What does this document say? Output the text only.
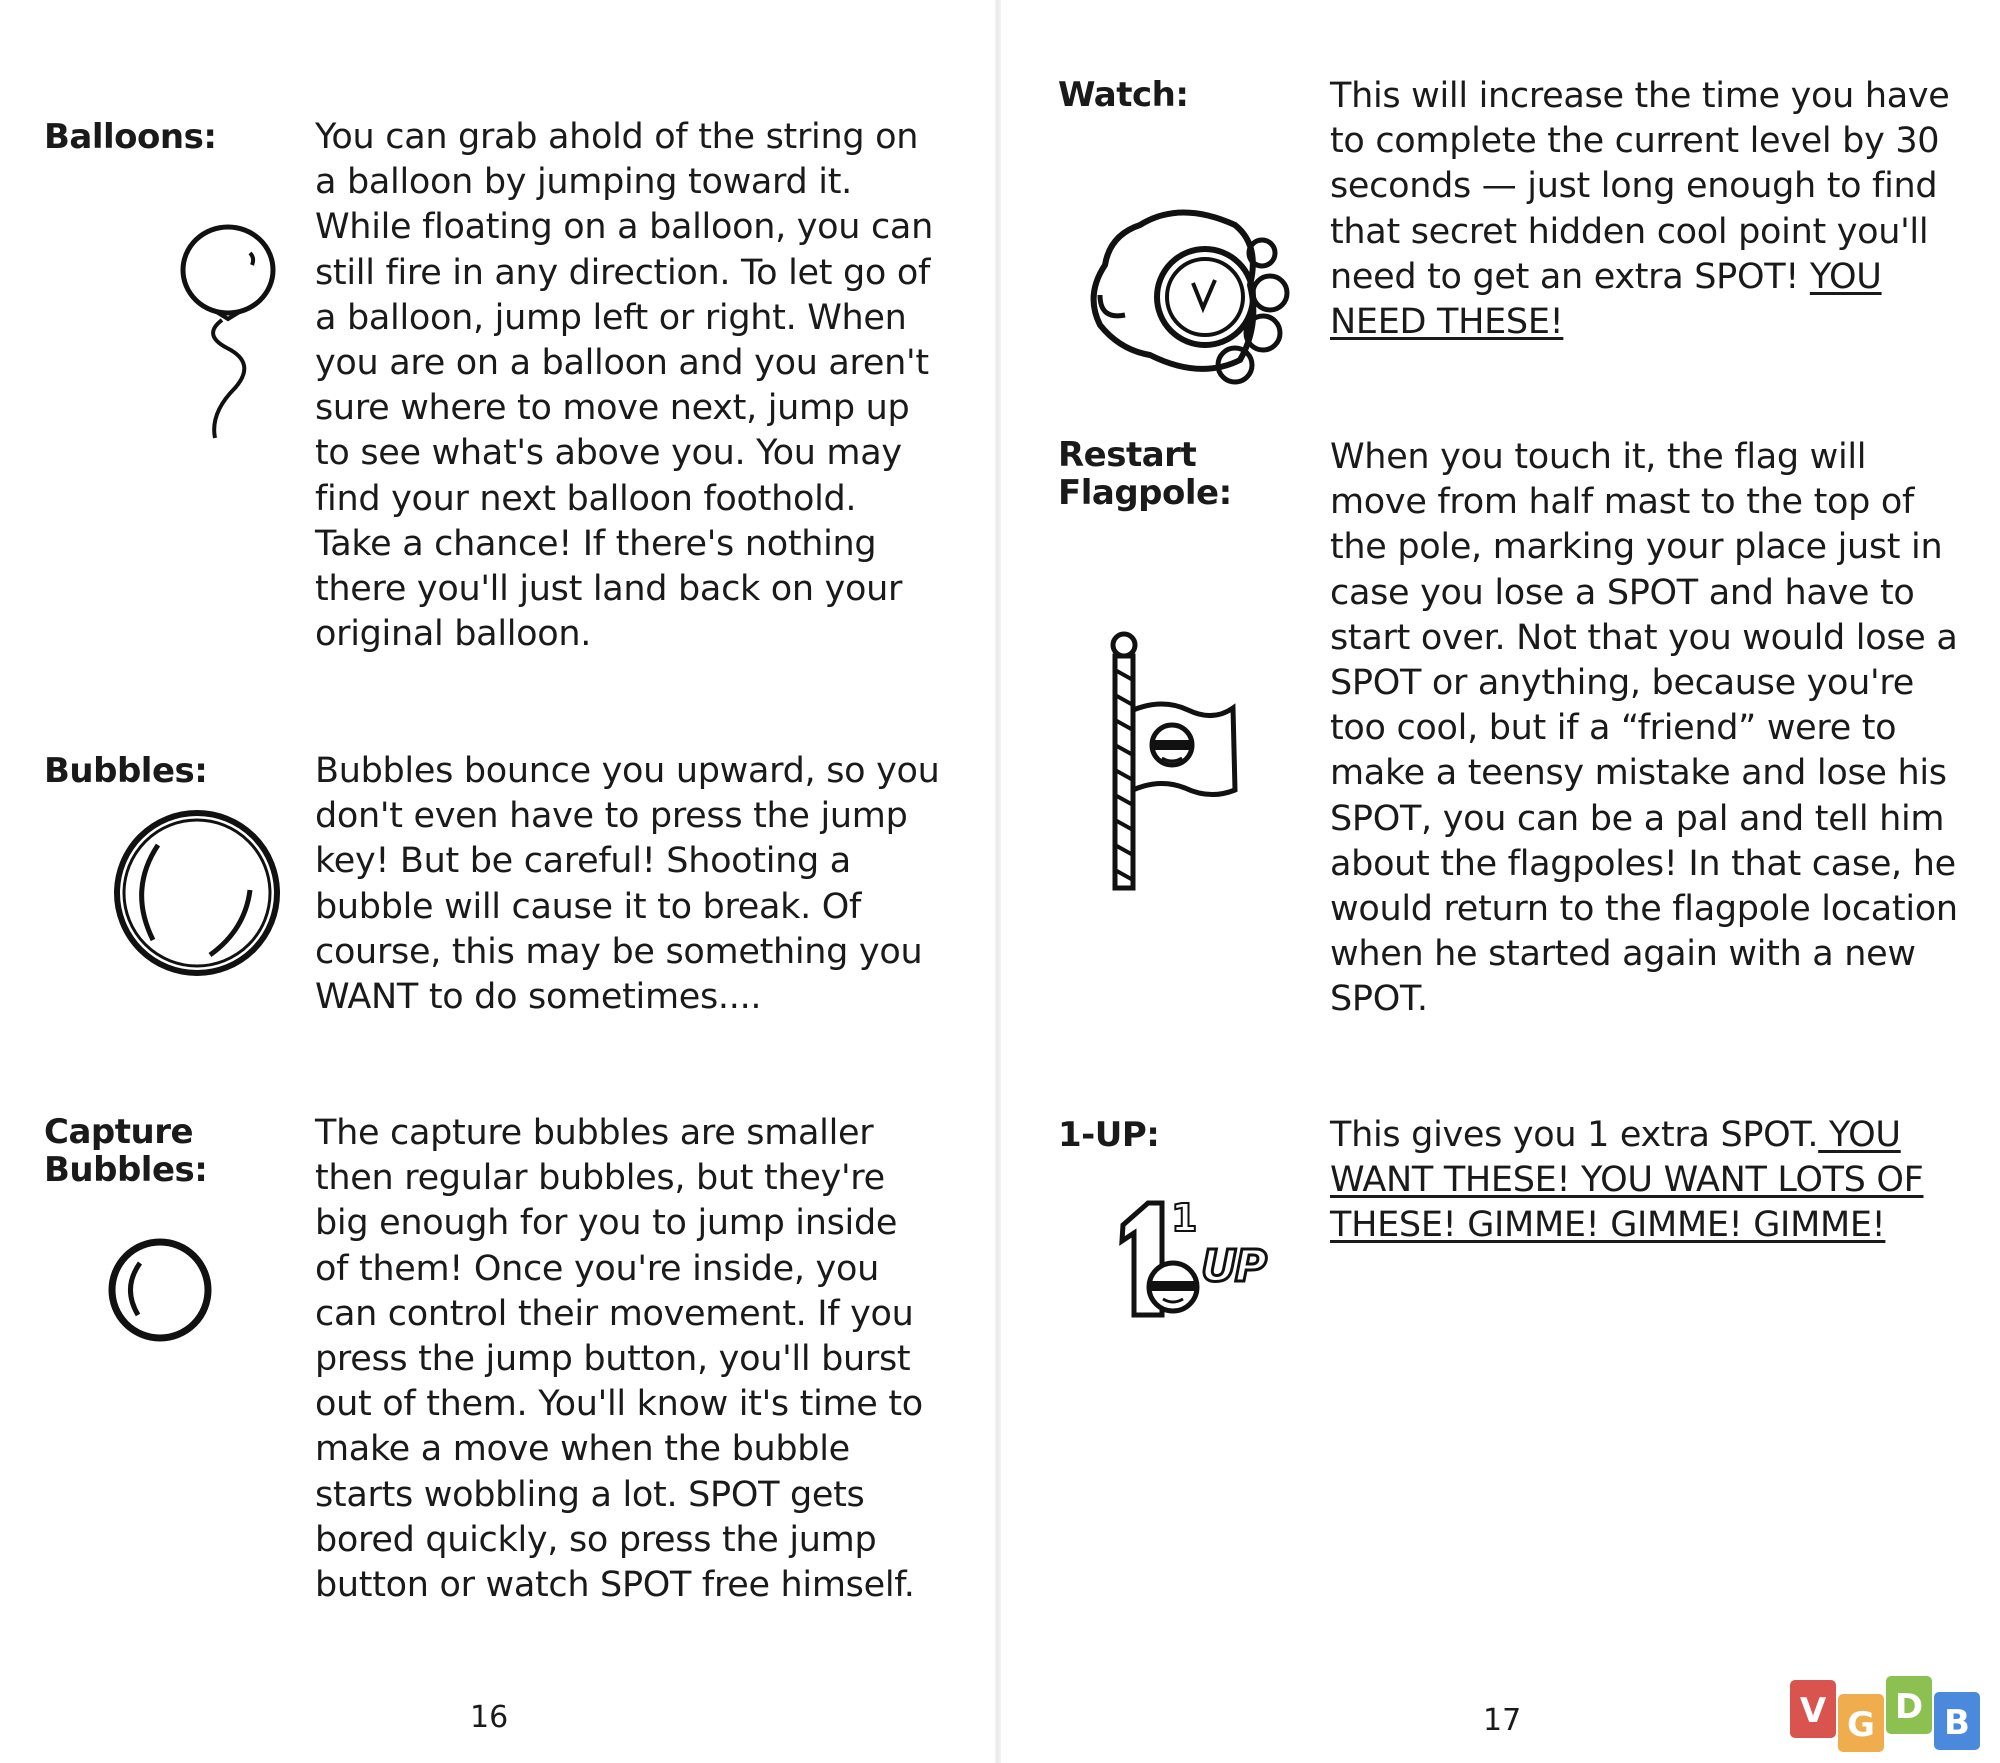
Balloons:	You can grab ahold of the string on a balloon by jumping toward it. While floating on a balloon, you can still fire in any direction. To let go of a balloon, jump left or right. When you are on a balloon and you aren't sure where to move next, jump up to see what's above you. You may find your next balloon foothold. Take a chance! If there's nothing there you'll just land back on your original balloon.

Bubbles:	Bubbles bounce you upward, so you don't even have to press the jump key! But be careful! Shooting a bubble will cause it to break. Of course, this may be something you WANT to do sometimes....

Capture
Bubbles:

The capture bubbles are smaller then regular bubbles, but they're big enough for you to jump inside of them! Once you're inside, you can control their movement. If you press the jump button, you'll burst out of them. You'll know it's time to make a move when the bubble starts wobbling a lot. SPOT gets bored quickly, so press the jump button or watch SPOT free himself.

16
Watch:	This will increase the time you have to complete the current level by 30 seconds — just long enough to find that secret hidden cool point you'll need to get an extra SPOT! YOU NEED THESE!

Restart
Flagpole:

When you touch it, the flag will move from half mast to the top of the pole, marking your place just in case you lose a SPOT and have to start over. Not that you would lose a SPOT or anything, because you're too cool, but if a “friend” were to make a teensy mistake and lose his SPOT, you can be a pal and tell him about the flagpoles! In that case, he would return to the flagpole location when he started again with a new SPOT.

1-UP:	This gives you 1 extra SPOT. YOU WANT THESE! YOU WANT LOTS OF THESE! GIMME! GIMME! GIMME!

1
UP
17	V G D B
